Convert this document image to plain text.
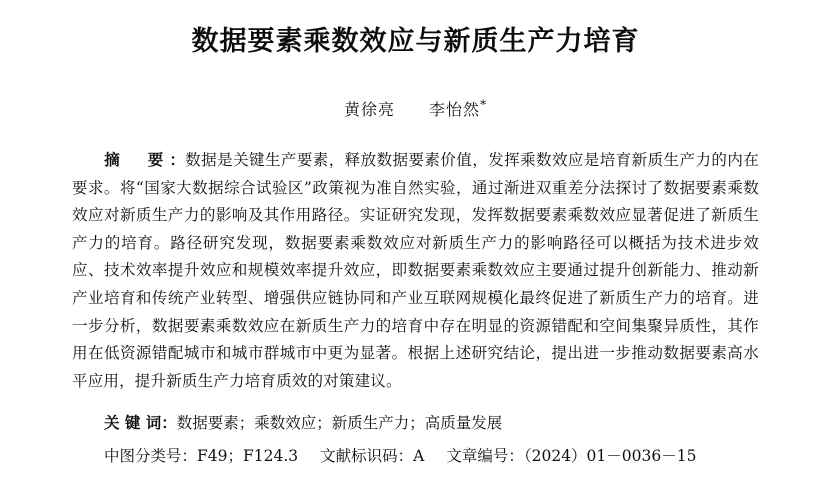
数据要素乘数效应与新质生产力培育
黄徐亮 李怡然*
摘　要：数据是关键生产要素，释放数据要素价值，发挥乘数效应是培育新质生产力的内在要求。将“国家大数据综合试验区”政策视为准自然实验，通过渐进双重差分法探讨了数据要素乘数效应对新质生产力的影响及其作用路径。实证研究发现，发挥数据要素乘数效应显著促进了新质生产力的培育。路径研究发现，数据要素乘数效应对新质生产力的影响路径可以概括为技术进步效应、技术效率提升效应和规模效率提升效应，即数据要素乘数效应主要通过提升创新能力、推动新产业培育和传统产业转型、增强供应链协同和产业互联网规模化最终促进了新质生产力的培育。进一步分析，数据要素乘数效应在新质生产力的培育中存在明显的资源错配和空间集聚异质性，其作用在低资源错配城市和城市群城市中更为显著。根据上述研究结论，提出进一步推动数据要素高水平应用，提升新质生产力培育质效的对策建议。
关 键 词：数据要素；乘数效应；新质生产力；高质量发展
中图分类号：F49；F124.3 文献标识码：A 文章编号：（2024）01－0036－15
